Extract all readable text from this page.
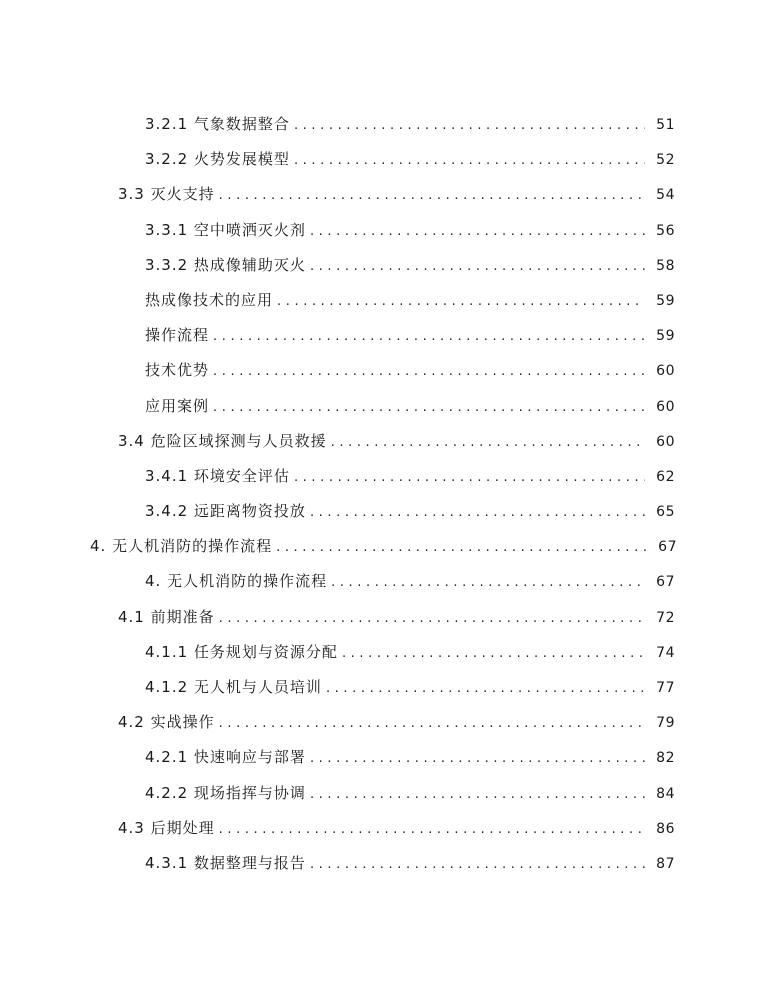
3.2.1 气象数据整合 .....	51
3.2.2 火势发展模型 .....	52
3.3 灭火支持 .....	54
3.3.1 空中喷洒灭火剂 .....	56
3.3.2 热成像辅助灭火 .....	58
热成像技术的应用 .....	59
操作流程 .....	59
技术优势 .....	60
应用案例 .....	60
3.4 危险区域探测与人员救援 .....	60
3.4.1 环境安全评估 .....	62
3.4.2 远距离物资投放 .....	65
4. 无人机消防的操作流程 .....	67
4. 无人机消防的操作流程 .....	67
4.1 前期准备 .....	72
4.1.1 任务规划与资源分配 .....	74
4.1.2 无人机与人员培训 .....	77
4.2 实战操作 .....	79
4.2.1 快速响应与部署 .....	82
4.2.2 现场指挥与协调 .....	84
4.3 后期处理 .....	86
4.3.1 数据整理与报告 .....	87
